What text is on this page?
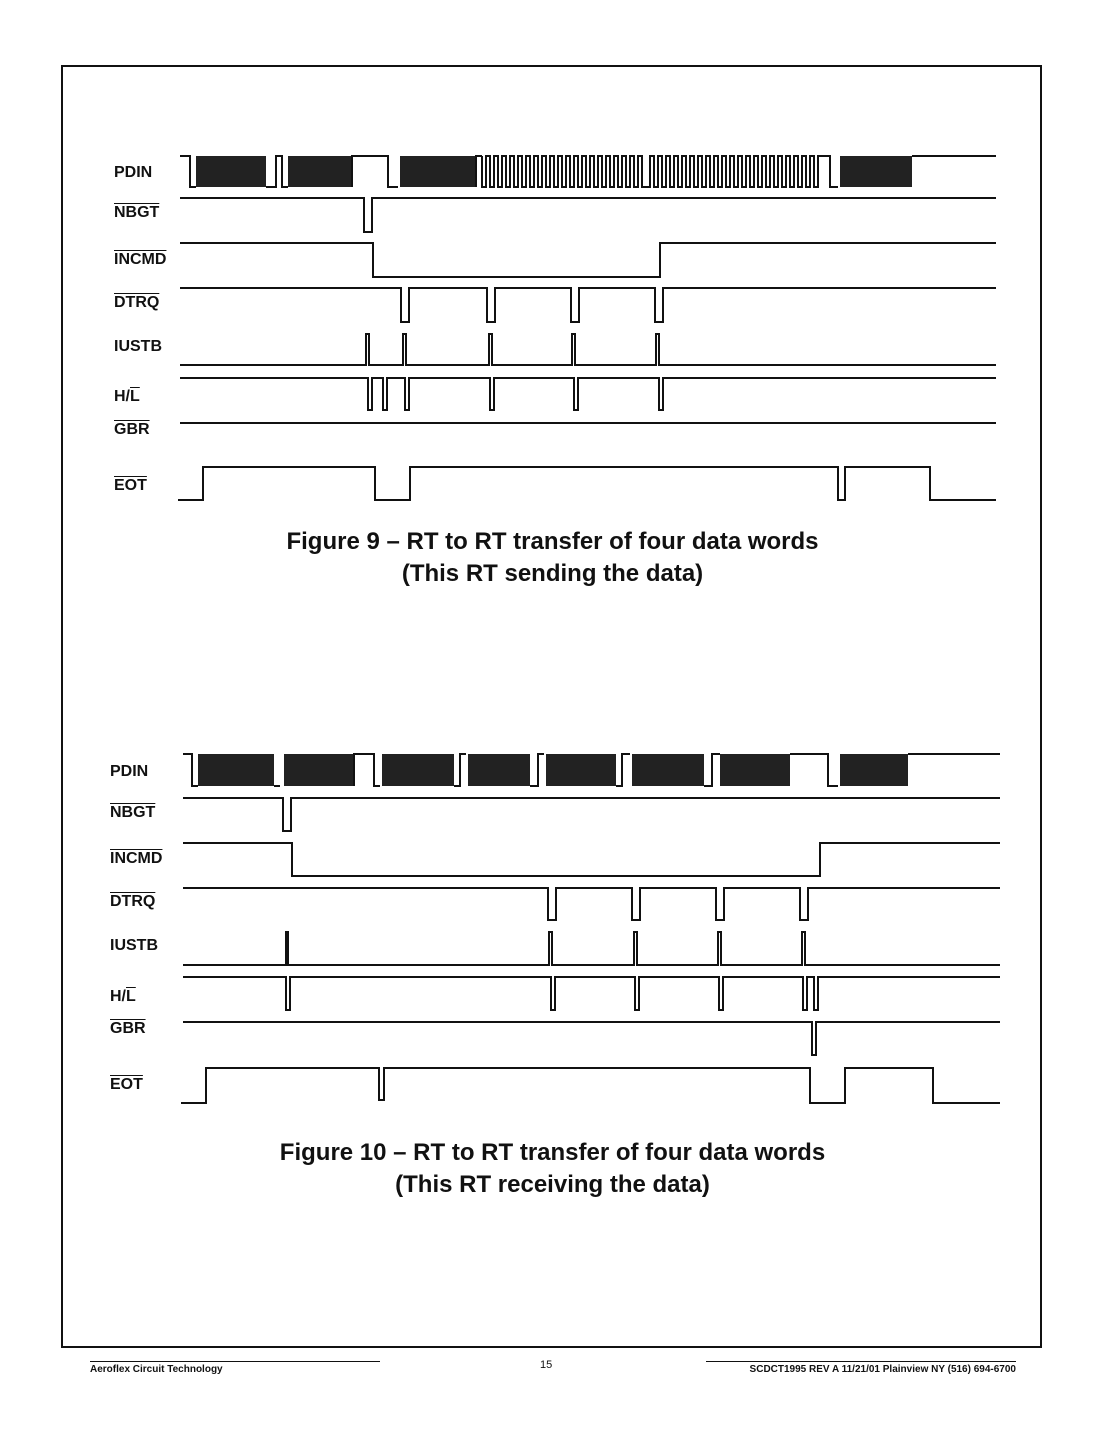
PDIN
NBGT
INCMD
DTRQ
IUSTB
$H/\overline{L}$
$\overline{GBR}$
$\overline{EOT}$
Figure 9 – RT to RT transfer of four data words
(This RT sending the data)
PDIN
NBGT
INCMD
DTRQ
IUSTB
$H/\overline{L}$
$\overline{GBR}$
$\overline{EOT}$
Figure 10 – RT to RT transfer of four data words
(This RT receiving the data)
Aeroflex Circuit Technology	15	SCDCT1995 REV A 11/21/01 Plainview NY (516) 694-6700
